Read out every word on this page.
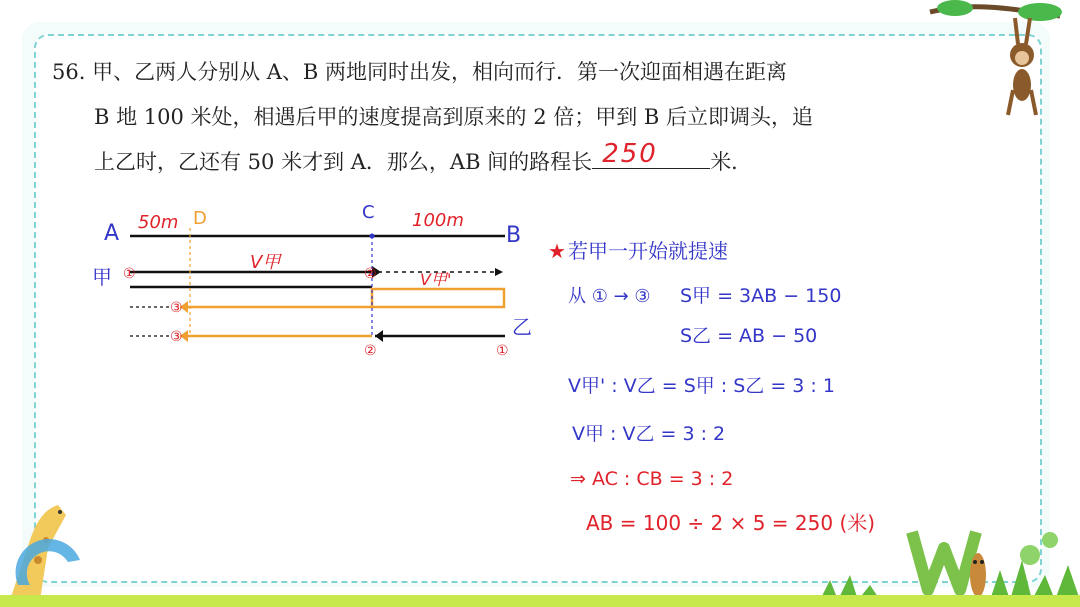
56. 甲、乙两人分别从 A、B 两地同时出发，相向而行．第一次迎面相遇在距离
B 地 100 米处，相遇后甲的速度提高到原来的 2 倍；甲到 B 后立即调头，追
上乙时，乙还有 50 米才到 A．那么，AB 间的路程长 250 米．
A 50m D	C 100m
B
甲
V甲
V甲'
乙
①	②
③
③
②	①
★ 若甲一开始就提速
从 ① → ③ S甲 = 3AB − 150
S乙 = AB − 50
V甲' : V乙 = S甲 : S乙 = 3 : 1
V甲 : V乙 = 3 : 2
⇒ AC : CB = 3 : 2
AB = 100 ÷ 2 × 5 = 250 (米)
